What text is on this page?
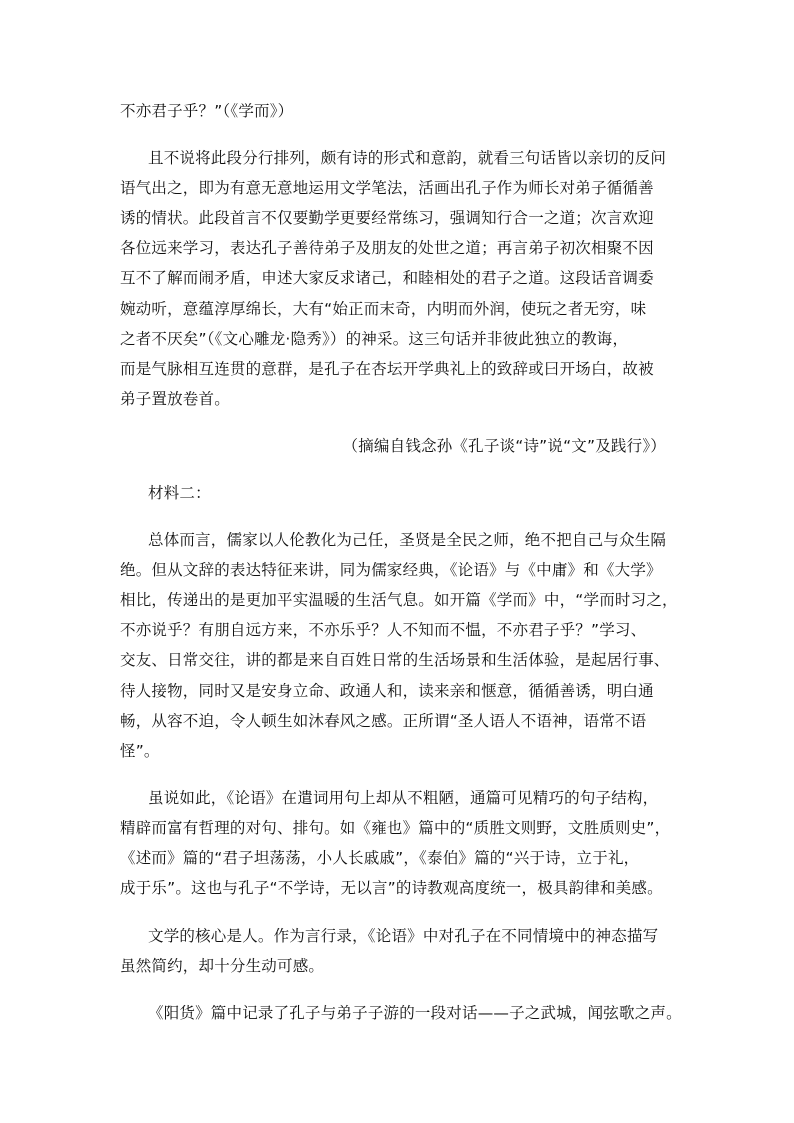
不亦君子乎？”（《学而》）
且不说将此段分行排列，颇有诗的形式和意韵，就看三句话皆以亲切的反问
语气出之，即为有意无意地运用文学笔法，活画出孔子作为师长对弟子循循善
诱的情状。此段首言不仅要勤学更要经常练习，强调知行合一之道；次言欢迎
各位远来学习，表达孔子善待弟子及朋友的处世之道；再言弟子初次相聚不因
互不了解而闹矛盾，申述大家反求诸己，和睦相处的君子之道。这段话音调委
婉动听，意蕴淳厚绵长，大有“始正而末奇，内明而外润，使玩之者无穷，味
之者不厌矣”（《文心雕龙·隐秀》）的神采。这三句话并非彼此独立的教诲，
而是气脉相互连贯的意群，是孔子在杏坛开学典礼上的致辞或曰开场白，故被
弟子置放卷首。
（摘编自钱念孙《孔子谈“诗”说“文”及践行》）
材料二：
总体而言，儒家以人伦教化为己任，圣贤是全民之师，绝不把自己与众生隔
绝。但从文辞的表达特征来讲，同为儒家经典，《论语》与《中庸》和《大学》
相比，传递出的是更加平实温暖的生活气息。如开篇《学而》中，“学而时习之，
不亦说乎？有朋自远方来，不亦乐乎？人不知而不愠，不亦君子乎？”学习、
交友、日常交往，讲的都是来自百姓日常的生活场景和生活体验，是起居行事、
待人接物，同时又是安身立命、政通人和，读来亲和惬意，循循善诱，明白通
畅，从容不迫，令人顿生如沐春风之感。正所谓“圣人语人不语神，语常不语
怪”。
虽说如此，《论语》在遣词用句上却从不粗陋，通篇可见精巧的句子结构，
精辟而富有哲理的对句、排句。如《雍也》篇中的“质胜文则野，文胜质则史”，
《述而》篇的“君子坦荡荡，小人长戚戚”，《泰伯》篇的“兴于诗，立于礼，
成于乐”。这也与孔子“不学诗，无以言”的诗教观高度统一，极具韵律和美感。
文学的核心是人。作为言行录，《论语》中对孔子在不同情境中的神态描写
虽然简约，却十分生动可感。
《阳货》篇中记录了孔子与弟子子游的一段对话——子之武城，闻弦歌之声。
